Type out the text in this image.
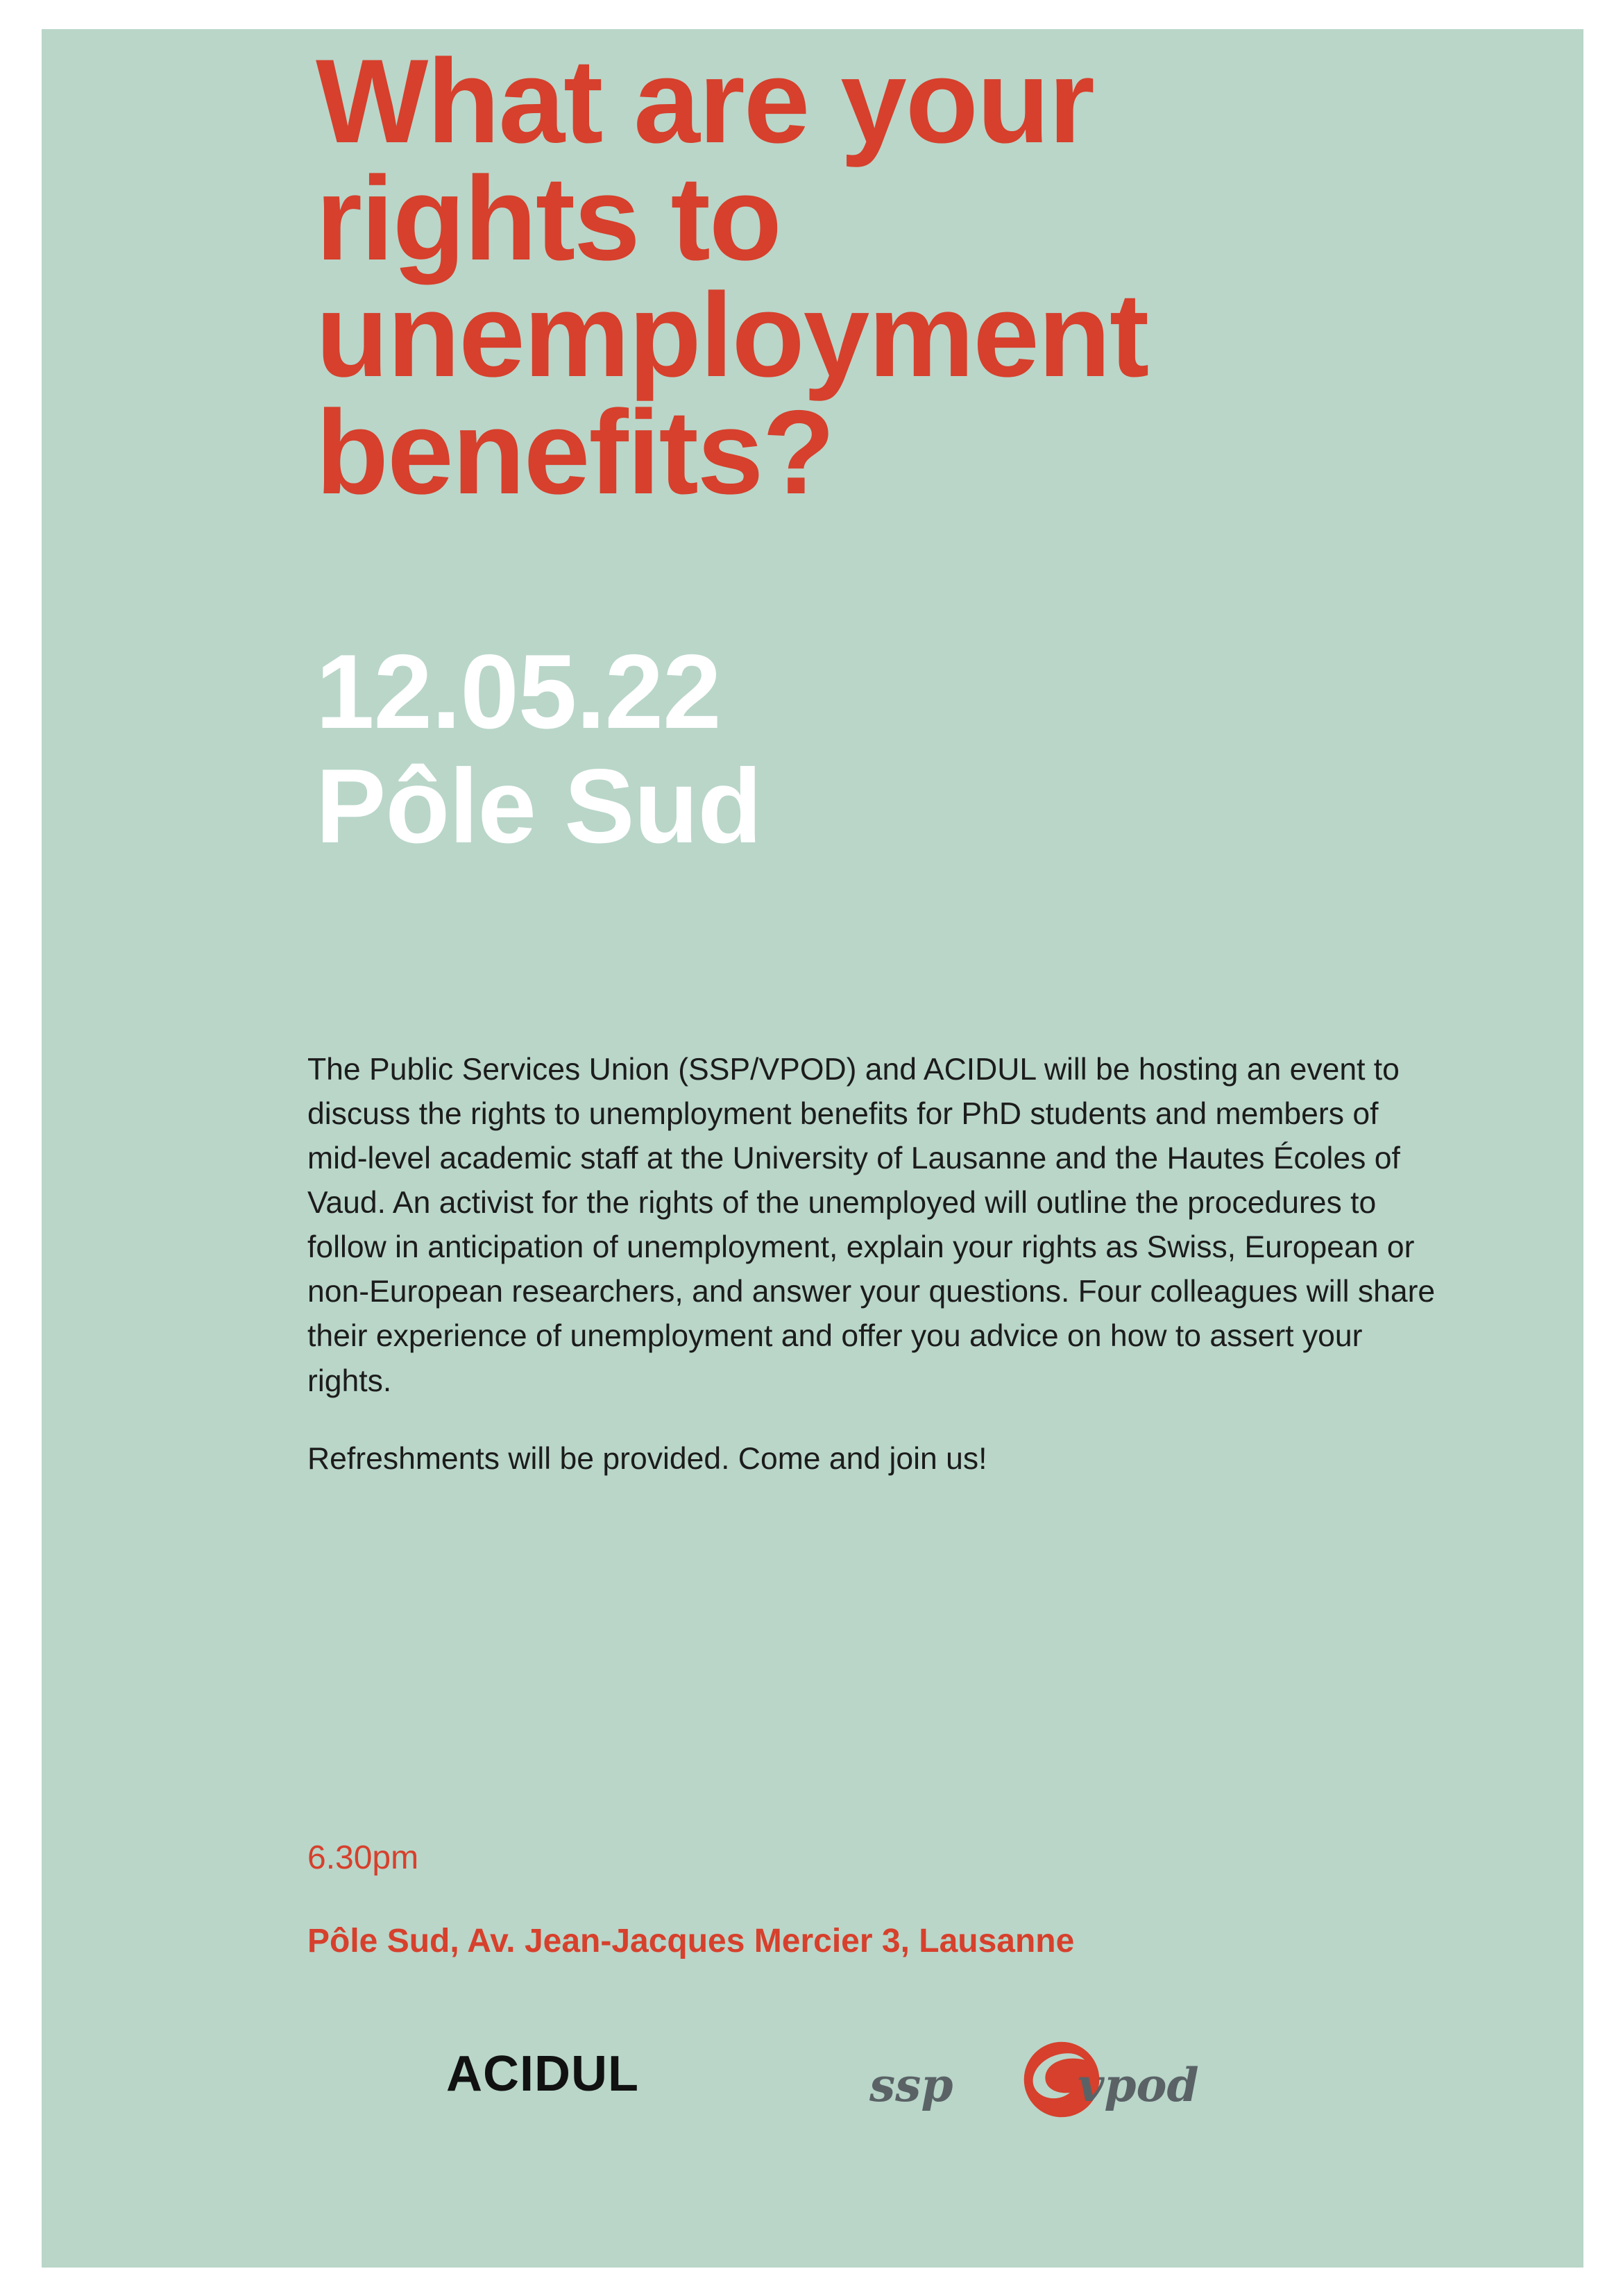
What are your rights to unemployment benefits?
12.05.22
Pôle Sud

The Public Services Union (SSP/VPOD) and ACIDUL will be hosting an event to discuss the rights to unemployment benefits for PhD students and members of mid-level academic staff at the University of Lausanne and the Hautes Écoles of Vaud. An activist for the rights of the unemployed will outline the procedures to follow in anticipation of unemployment, explain your rights as Swiss, European or non-European researchers, and answer your questions. Four colleagues will share their experience of unemployment and offer you advice on how to assert your rights.

Refreshments will be provided. Come and join us!

6.30pm
Pôle Sud, Av. Jean-Jacques Mercier 3, Lausanne
ACIDUL	ssp	vpod
